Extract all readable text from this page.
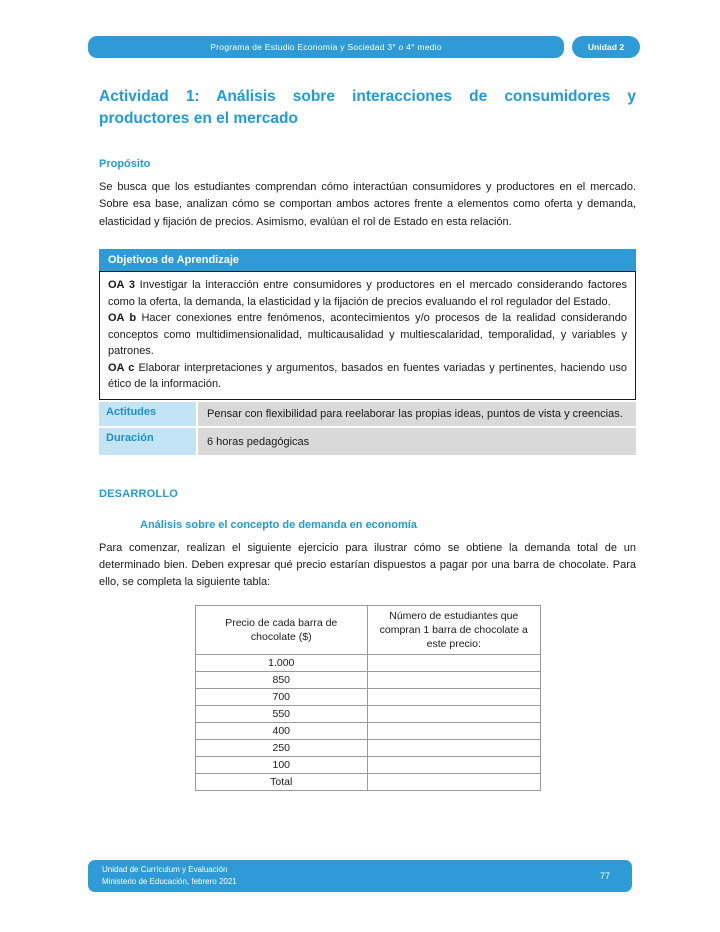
Programa de Estudio Economía y Sociedad 3° o 4° medio	Unidad 2
Actividad 1: Análisis sobre interacciones de consumidores y productores en el mercado
Propósito

Se busca que los estudiantes comprendan cómo interactúan consumidores y productores en el mercado. Sobre esa base, analizan cómo se comportan ambos actores frente a elementos como oferta y demanda, elasticidad y fijación de precios. Asimismo, evalúan el rol de Estado en esta relación.

Objetivos de Aprendizaje

OA 3 Investigar la interacción entre consumidores y productores en el mercado considerando factores como la oferta, la demanda, la elasticidad y la fijación de precios evaluando el rol regulador del Estado.

OA b Hacer conexiones entre fenómenos, acontecimientos y/o procesos de la realidad considerando conceptos como multidimensionalidad, multicausalidad y multiescalaridad, temporalidad, y variables y patrones.

OA c Elaborar interpretaciones y argumentos, basados en fuentes variadas y pertinentes, haciendo uso ético de la información.

Actitudes	Pensar con flexibilidad para reelaborar las propias ideas, puntos de vista y creencias.
Duración	6 horas pedagógicas
DESARROLLO
Análisis sobre el concepto de demanda en economía

Para comenzar, realizan el siguiente ejercicio para ilustrar cómo se obtiene la demanda total de un determinado bien. Deben expresar qué precio estarían dispuestos a pagar por una barra de chocolate. Para ello, se completa la siguiente tabla:

Precio de cada barra de chocolate ($)	Número de estudiantes que compran 1 barra de chocolate a este precio:
1.000	
850	
700	
550	
400	
250	
100	
Total	
Unidad de Currículum y Evaluación
Ministerio de Educación, febrero 2021
77
